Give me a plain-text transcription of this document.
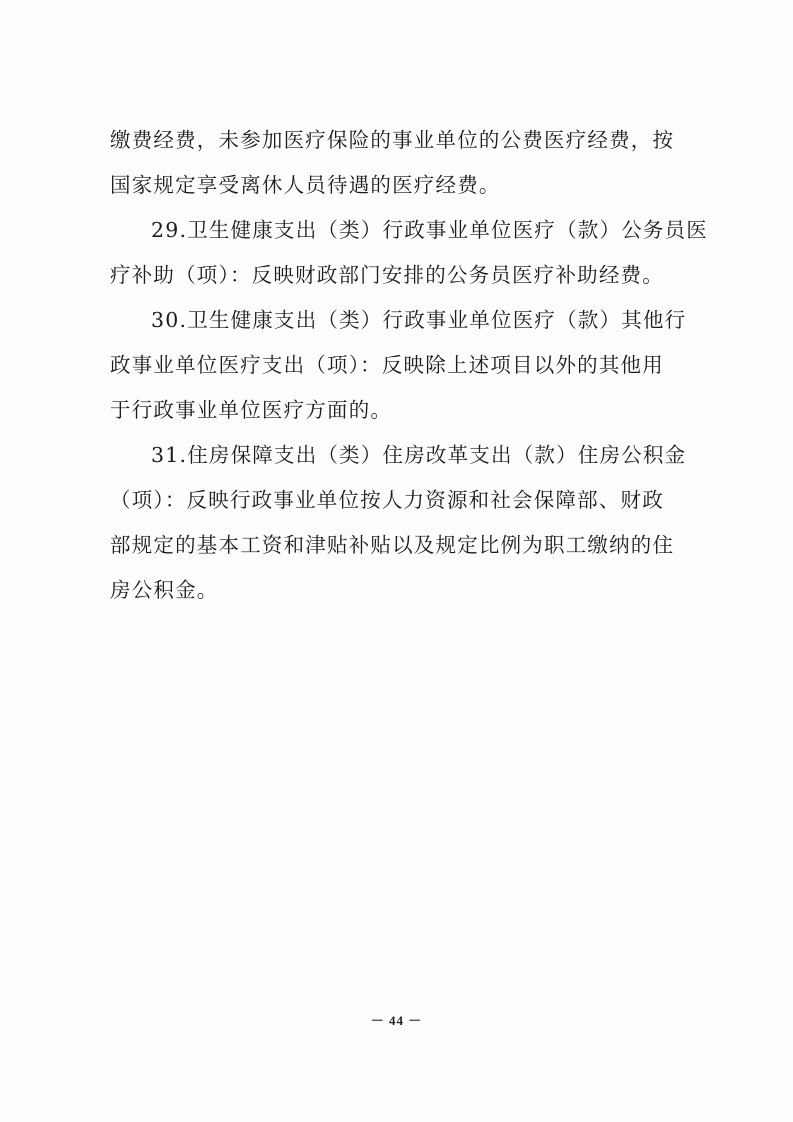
缴费经费，未参加医疗保险的事业单位的公费医疗经费，按
国家规定享受离休人员待遇的医疗经费。

29.卫生健康支出（类）行政事业单位医疗（款）公务员医
疗补助（项）：反映财政部门安排的公务员医疗补助经费。

30.卫生健康支出（类）行政事业单位医疗（款）其他行
政事业单位医疗支出（项）：反映除上述项目以外的其他用
于行政事业单位医疗方面的。

31.住房保障支出（类）住房改革支出（款）住房公积金
（项）：反映行政事业单位按人力资源和社会保障部、财政
部规定的基本工资和津贴补贴以及规定比例为职工缴纳的住
房公积金。

－ 44 －
